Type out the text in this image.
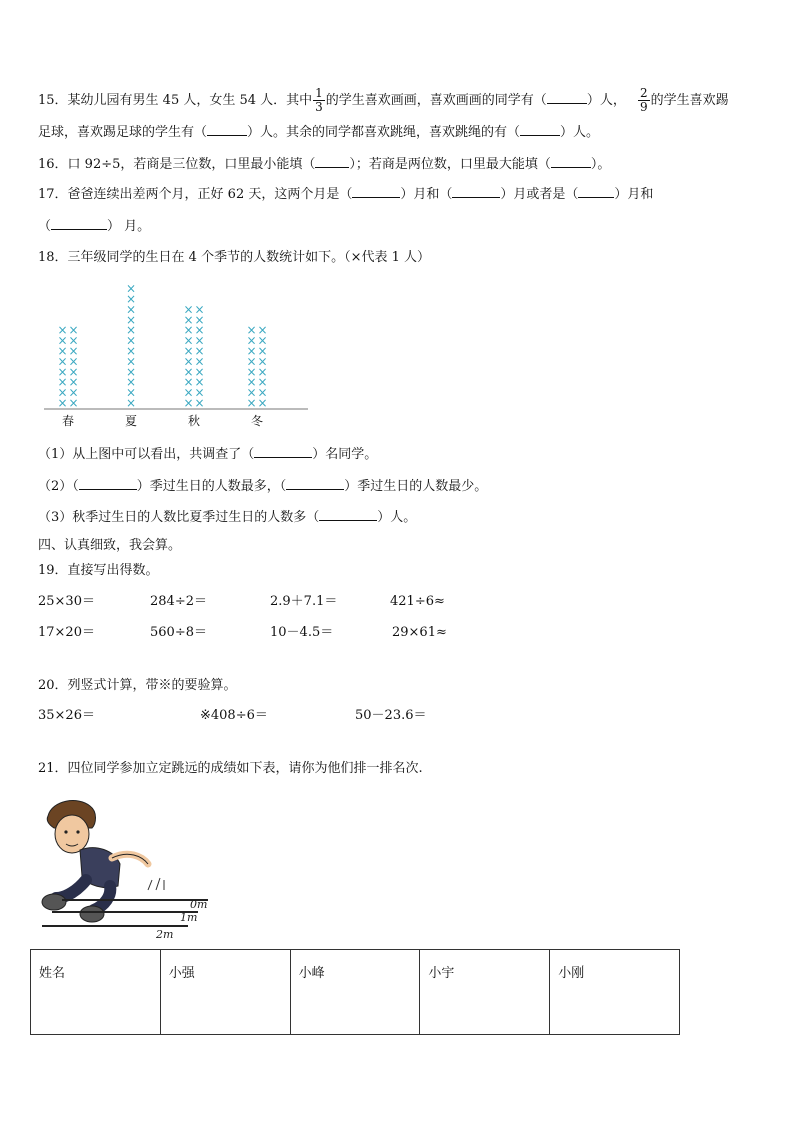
15．某幼儿园有男生 45 人，女生 54 人．其中 $\frac{1}{3}$ 的学生喜欢画画，喜欢画画的同学有（	）人， $\frac{2}{9}$ 的学生喜欢踢
足球，喜欢踢足球的学生有（	）人。其余的同学都喜欢跳绳，喜欢跳绳的有（	）人。
16．口 92÷5，若商是三位数，口里最小能填（	）；若商是两位数，口里最大能填（	）。
17．爸爸连续出差两个月，正好 62 天，这两个月是（	）月和（	）月或者是（	）月和
（	） 月。
18．三年级同学的生日在 4 个季节的人数统计如下。（×代表 1 人）
×
×
×
×
×
×
×
×
×
×
×
×
×
×
×
×
春
×
×
×
×
×
×
×
×
×
×
×
×
夏
×
×
×
×
×
×
×
×
×
×
×
×
×
×
×
×
×
×
×
×
秋
×
×
×
×
×
×
×
×
×
×
×
×
×
×
×
×
冬
（1）从上图中可以看出，共调查了（	）名同学。
（2）（	）季过生日的人数最多，（	）季过生日的人数最少。
（3）秋季过生日的人数比夏季过生日的人数多（	）人。
四、认真细致，我会算。
19．直接写出得数。
25×30＝	284÷2＝	2.9＋7.1＝	421÷6≈
17×20＝	560÷8＝	10－4.5＝	29×61≈
20．列竖式计算，带※的要验算。
35×26＝	※408÷6＝	50－23.6＝
21．四位同学参加立定跳远的成绩如下表，请你为他们排一排名次.
0m
1m
2m
姓名	小强	小峰	小宇	小刚
